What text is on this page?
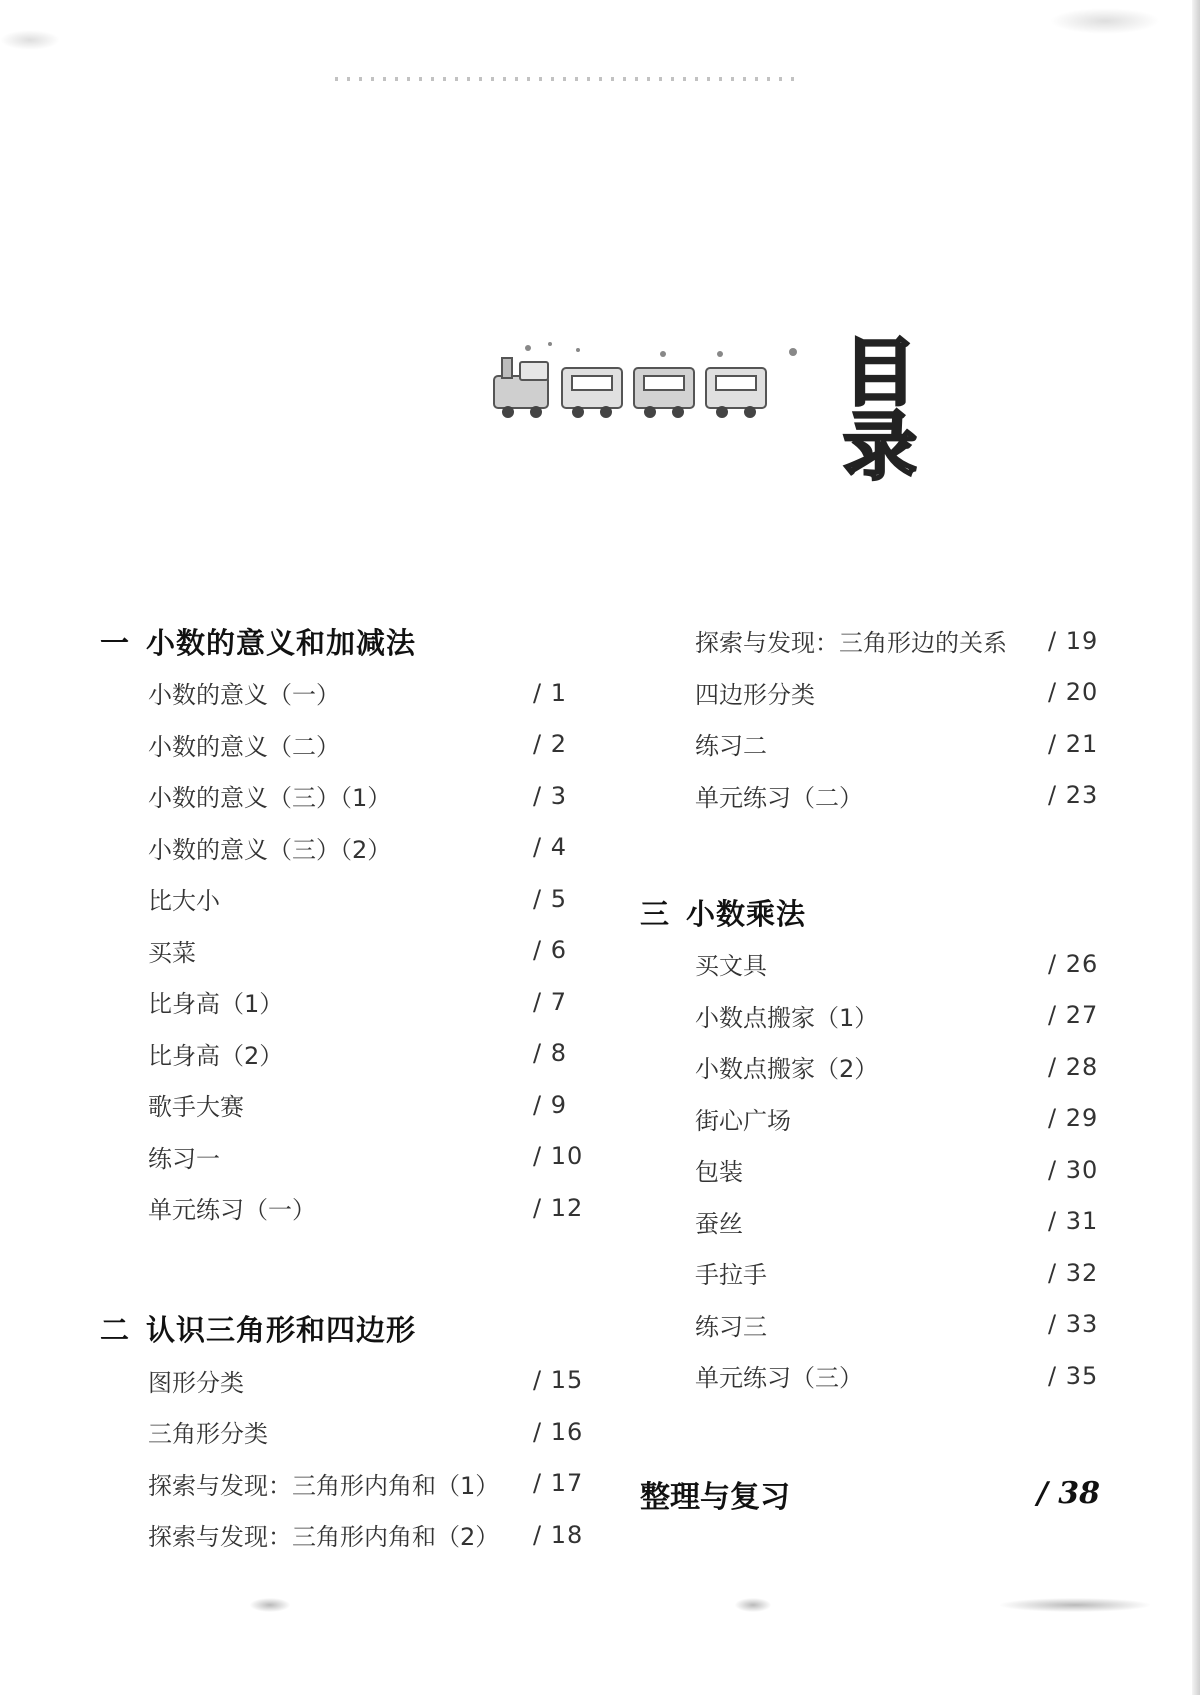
目录
一 小数的意义和加减法
小数的意义（一）	/ 1
小数的意义（二）	/ 2
小数的意义（三）（1）	/ 3
小数的意义（三）（2）	/ 4
比大小	/ 5
买菜	/ 6
比身高（1）	/ 7
比身高（2）	/ 8
歌手大赛	/ 9
练习一	/ 10
单元练习（一）	/ 12
二 认识三角形和四边形
图形分类	/ 15
三角形分类	/ 16
探索与发现：三角形内角和（1） / 17
探索与发现：三角形内角和（2） / 18
探索与发现：三角形边的关系 / 19
四边形分类	/ 20
练习二	/ 21
单元练习（二）	/ 23
三 小数乘法
买文具	/ 26
小数点搬家（1）	/ 27
小数点搬家（2）	/ 28
街心广场	/ 29
包装	/ 30
蚕丝	/ 31
手拉手	/ 32
练习三	/ 33
单元练习（三）	/ 35
整理与复习	/ 38
